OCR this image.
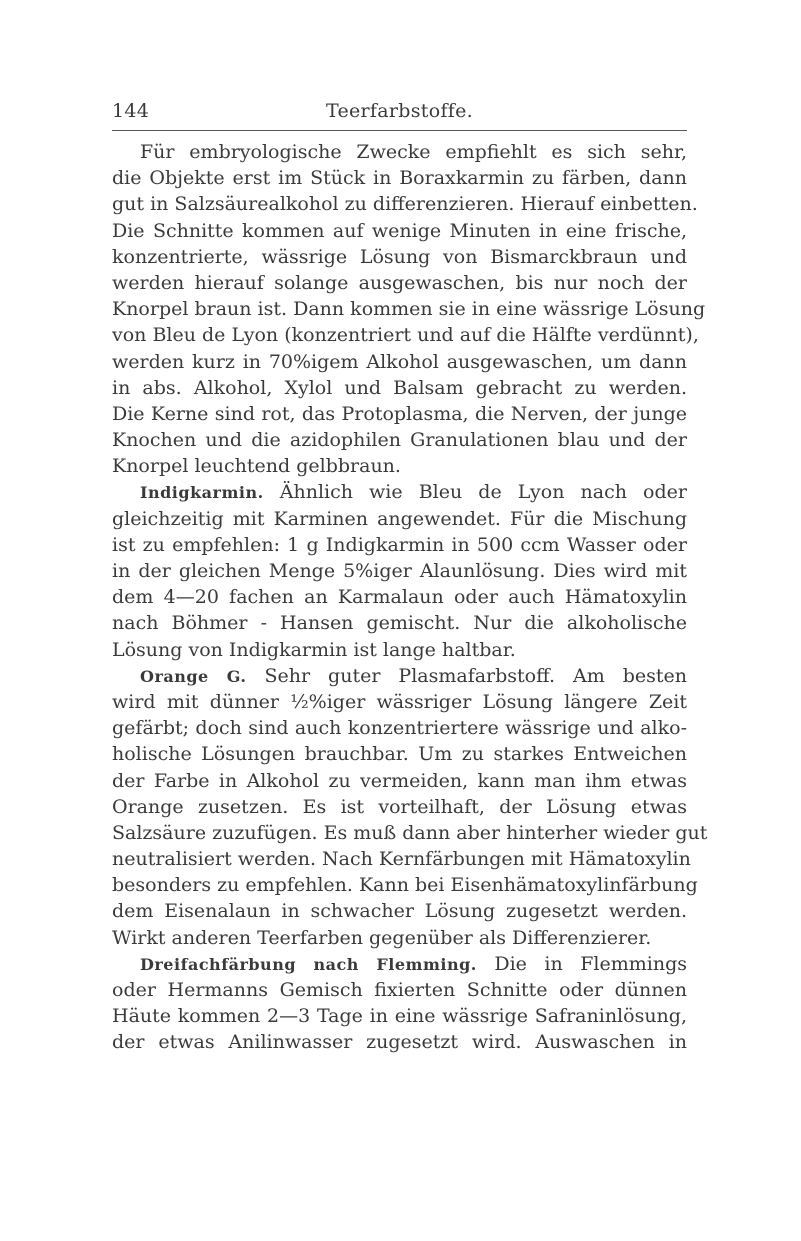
144	Teerfarbstoffe.
Für embryologische Zwecke empfiehlt es sich sehr,
die Objekte erst im Stück in Boraxkarmin zu färben, dann
gut in Salzsäurealkohol zu differenzieren. Hierauf einbetten.
Die Schnitte kommen auf wenige Minuten in eine frische,
konzentrierte, wässrige Lösung von Bismarckbraun und
werden hierauf solange ausgewaschen, bis nur noch der
Knorpel braun ist. Dann kommen sie in eine wässrige Lösung
von Bleu de Lyon (konzentriert und auf die Hälfte verdünnt),
werden kurz in 70%igem Alkohol ausgewaschen, um dann
in abs. Alkohol, Xylol und Balsam gebracht zu werden.
Die Kerne sind rot, das Protoplasma, die Nerven, der junge
Knochen und die azidophilen Granulationen blau und der
Knorpel leuchtend gelbbraun.
Indigkarmin. Ähnlich wie Bleu de Lyon nach oder
gleichzeitig mit Karminen angewendet. Für die Mischung
ist zu empfehlen: 1 g Indigkarmin in 500 ccm Wasser oder
in der gleichen Menge 5%iger Alaunlösung. Dies wird mit
dem 4—20 fachen an Karmalaun oder auch Hämatoxylin
nach Böhmer - Hansen gemischt. Nur die alkoholische
Lösung von Indigkarmin ist lange haltbar.
Orange G. Sehr guter Plasmafarbstoff. Am besten
wird mit dünner ½%iger wässriger Lösung längere Zeit
gefärbt; doch sind auch konzentriertere wässrige und alko-
holische Lösungen brauchbar. Um zu starkes Entweichen
der Farbe in Alkohol zu vermeiden, kann man ihm etwas
Orange zusetzen. Es ist vorteilhaft, der Lösung etwas
Salzsäure zuzufügen. Es muß dann aber hinterher wieder gut
neutralisiert werden. Nach Kernfärbungen mit Hämatoxylin
besonders zu empfehlen. Kann bei Eisenhämatoxylinfärbung
dem Eisenalaun in schwacher Lösung zugesetzt werden.
Wirkt anderen Teerfarben gegenüber als Differenzierer.
Dreifachfärbung nach Flemming. Die in Flemmings
oder Hermanns Gemisch fixierten Schnitte oder dünnen
Häute kommen 2—3 Tage in eine wässrige Safraninlösung,
der etwas Anilinwasser zugesetzt wird. Auswaschen in
